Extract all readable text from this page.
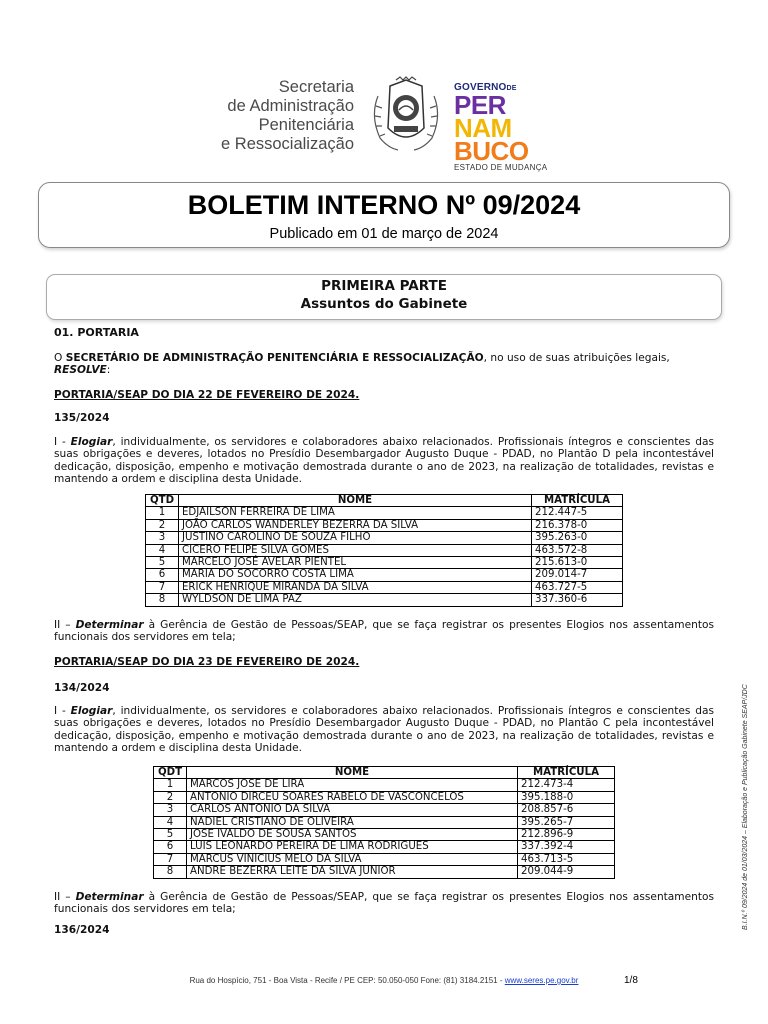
Secretaria
de Administração
Penitenciária
e Ressocialização
GOVERNODE
PER
NAM
BUCO
ESTADO DE MUDANÇA
BOLETIM INTERNO Nº 09/2024
Publicado em 01 de março de 2024
PRIMEIRA PARTE
Assuntos do Gabinete
01. PORTARIA
O SECRETÁRIO DE ADMINISTRAÇÃO PENITENCIÁRIA E RESSOCIALIZAÇÃO, no uso de suas atribuições legais,
RESOLVE:
PORTARIA/SEAP DO DIA 22 DE FEVEREIRO DE 2024.
135/2024
I - Elogiar, individualmente, os servidores e colaboradores abaixo relacionados. Profissionais íntegros e conscientes das suas obrigações e deveres, lotados no Presídio Desembargador Augusto Duque - PDAD, no Plantão D pela incontestável dedicação, disposição, empenho e motivação demostrada durante o ano de 2023, na realização de totalidades, revistas e mantendo a ordem e disciplina desta Unidade.
QTD	NOME	MATRÍCULA
1	EDJAILSON FERREIRA DE LIMA	212.447-5
2	JOÃO CARLOS WANDERLEY BEZERRA DA SILVA	216.378-0
3	JUSTINO CAROLINO DE SOUZA FILHO	395.263-0
4	CICERO FELIPE SILVA GOMES	463.572-8
5	MARCELO JOSÉ AVELAR PIENTEL	215.613-0
6	MARIA DO SOCORRO COSTA LIMA	209.014-7
7	ERICK HENRIQUE MIRANDA DA SILVA	463.727-5
8	WYLDSON DE LIMA PAZ	337.360-6
II – Determinar à Gerência de Gestão de Pessoas/SEAP, que se faça registrar os presentes Elogios nos assentamentos funcionais dos servidores em tela;
PORTARIA/SEAP DO DIA 23 DE FEVEREIRO DE 2024.
134/2024
I - Elogiar, individualmente, os servidores e colaboradores abaixo relacionados. Profissionais íntegros e conscientes das suas obrigações e deveres, lotados no Presídio Desembargador Augusto Duque - PDAD, no Plantão C pela incontestável dedicação, disposição, empenho e motivação demostrada durante o ano de 2023, na realização de totalidades, revistas e mantendo a ordem e disciplina desta Unidade.
QDT	NOME	MATRÍCULA
1	MARCOS JOSE DE LIRA	212.473-4
2	ANTONIO DIRCEU SOARES RABELO DE VASCONCELOS	395.188-0
3	CARLOS ANTONIO DA SILVA	208.857-6
4	NADIEL CRISTIANO DE OLIVEIRA	395.265-7
5	JOSE IVALDO DE SOUSA SANTOS	212.896-9
6	LUIS LEONARDO PEREIRA DE LIMA RODRIGUES	337.392-4
7	MARCUS VINICIUS MELO DA SILVA	463.713-5
8	ANDRE BEZERRA LEITE DA SILVA JUNIOR	209.044-9
II – Determinar à Gerência de Gestão de Pessoas/SEAP, que se faça registrar os presentes Elogios nos assentamentos funcionais dos servidores em tela;
136/2024	B.I.N.º 09/2024 de 01/03/2024 – Elaboração e Publicação Gabinete SEAP/JDC
Rua do Hospício, 751 - Boa Vista - Recife / PE CEP: 50.050-050 Fone: (81) 3184.2151 - www.seres.pe.gov.br	1/8
